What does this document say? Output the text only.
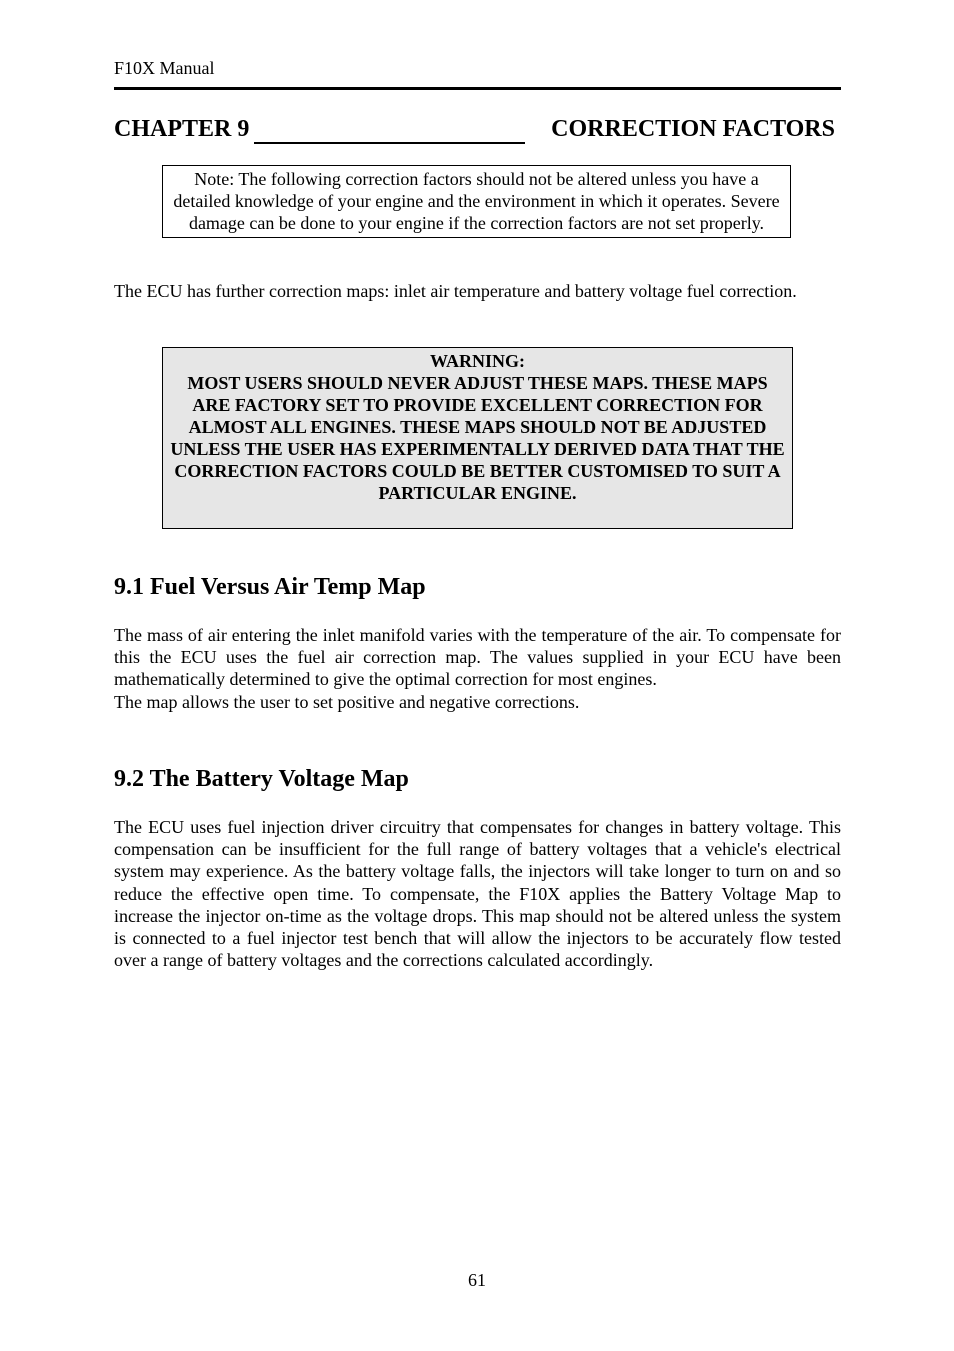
F10X Manual
CHAPTER 9	CORRECTION FACTORS
Note: The following correction factors should not be altered unless you have a detailed knowledge of your engine and the environment in which it operates. Severe damage can be done to your engine if the correction factors are not set properly.
The ECU has further correction maps: inlet air temperature and battery voltage fuel correction.
WARNING:
MOST USERS SHOULD NEVER ADJUST THESE MAPS. THESE MAPS ARE FACTORY SET TO PROVIDE EXCELLENT CORRECTION FOR ALMOST ALL ENGINES. THESE MAPS SHOULD NOT BE ADJUSTED UNLESS THE USER HAS EXPERIMENTALLY DERIVED DATA THAT THE CORRECTION FACTORS COULD BE BETTER CUSTOMISED TO SUIT A PARTICULAR ENGINE.
9.1 Fuel Versus Air Temp Map
The mass of air entering the inlet manifold varies with the temperature of the air. To compensate for this the ECU uses the fuel air correction map. The values supplied in your ECU have been mathematically determined to give the optimal correction for most engines.
The map allows the user to set positive and negative corrections.
9.2 The Battery Voltage Map
The ECU uses fuel injection driver circuitry that compensates for changes in battery voltage. This compensation can be insufficient for the full range of battery voltages that a vehicle's electrical system may experience. As the battery voltage falls, the injectors will take longer to turn on and so reduce the effective open time. To compensate, the F10X applies the Battery Voltage Map to increase the injector on-time as the voltage drops. This map should not be altered unless the system is connected to a fuel injector test bench that will allow the injectors to be accurately flow tested over a range of battery voltages and the corrections calculated accordingly.
61
